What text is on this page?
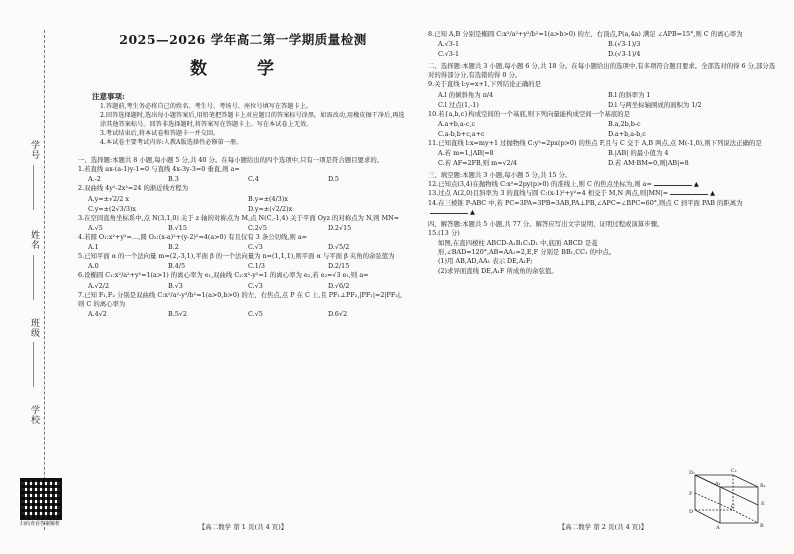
学号
姓名
班级
学校
扫码查看答案解析
2025—2026 学年高二第一学期质量检测
数 学
注意事项:
1.答题前,考生务必将自己的姓名、考生号、考场号、座位号填写在答题卡上。
2.回答选择题时,选出每小题答案后,用铅笔把答题卡上对应题目的答案标号涂黑。如需改动,用橡皮擦干净后,再选涂其他答案标号。回答非选择题时,将答案写在答题卡上。写在本试卷上无效。
3.考试结束后,将本试卷和答题卡一并交回。
4.本试卷主要考试内容:人教A版选择性必修第一册。
一、选择题:本题共 8 小题,每小题 5 分,共 40 分。在每小题给出的四个选项中,只有一项是符合题目要求的。
1.若直线 ax-(a-1)y-1=0 与直线 4x-3y-3=0 垂直,则 a=
A.-2	B.3	C.4	D.5
2.双曲线 4y²-2x²=24 的渐近线方程为
A.y=±√2/2 x	B.y=±(4/3)x
C.y=±(2√3/3)x	D.y=±(√2/2)x
3.在空间直角坐标系中,点 N(3,1,0) 关于 z 轴的对称点为 M,点 N(C,-1,4) 关于平面 Oyz 的对称点为 N,则 MN=
A.√5	B.√15	C.2√5	D.2√15
4.若圆 O₁:x²+y²=…,圆 O₂:(x-a)²+(y-2)²=4(a>0) 有且仅有 3 条公切线,则 a=
A.1	B.2	C.√3	D.√5/2
5.已知平面 α 的一个法向量 m=(2,-3,1),平面 β 的一个法向量为 n=(1,1,1),则平面 α 与平面 β 夹角的余弦值为
A.0	B.4/5	C.1/3	D.2/15
6.设椭圆 C₁:x²/a²+y²=1(a>1) 的离心率为 e₁,双曲线 C₂:x²-y²=1 的离心率为 e₂,若 e₂=√3 e₁,则 a=
A.√2/2	B.√3	C.√3	D.√6/2
7.已知 F₁,F₂ 分别是双曲线 C:x²/a²-y²/b²=1(a>0,b>0) 的左、右焦点,点 P 在 C 上,且 PF₁⊥PF₂,|PF₁|=2|PF₂|,则 C 的离心率为
A.4√2	B.5√2	C.√5	D.6√2
【高二数学 第 1 页(共 4 页)】
8.已知 A,B 分别是椭圆 C:x²/a²+y²/b²=1(a>b>0) 的左、右顶点,P(a,4a) 满足 ∠APB=15°,则 C 的离心率为
A.√3-1	B.(√3-1)/3
C.√3-1	D.(√3-1)/4
二、选择题:本题共 3 小题,每小题 6 分,共 18 分。在每小题给出的选项中,有多项符合题目要求。全部选对的得 6 分,部分选对的得部分分,有选错的得 0 分。
9.关于直线 l:y=x+1,下列结论正确的是
A.l 的倾斜角为 π/4	B.l 的斜率为 1
C.l 过点(1,-1)	D.l 与两坐标轴围成的面积为 1/2
10.若{a,b,c}构成空间的一个基底,则下列向量能构成空间一个基底的是
A.a+b,a-c,c	B.a,2b,b-c
C.a-b,b+c,a+c	D.a+b,a-b,c
11.已知直线 l:x=my+1 过抛物线 C:y²=2px(p>0) 的焦点 F,且与 C 交于 A,B 两点,点 M(-1,0),则下列说法正确的是
A.若 m=1,|AB|=8	B.|AB| 的最小值为 4
C.若 AF=2FB,则 m=√2/4	D.若 AM·BM=0,则|AB|=8
三、填空题:本题共 3 小题,每小题 5 分,共 15 分。
12.已知点(3,4)在抛物线 C:x²=2py(p>0) 的准线上,则 C 的焦点坐标为,则 a=	▲
13.过点 A(2,0)且斜率为 3 的直线与圆 C:(x-1)²+y²=4 相交于 M,N 两点,则|MN|=	▲
14.在三棱锥 P-ABC 中,若 PC=3PA=3PB=3AB,PA⊥PB,∠APC=∠BPC=60°,则点 C 到平面 PAB 的距离为▲
四、解答题:本题共 5 小题,共 77 分。解答应写出文字说明、证明过程或演算步骤。
15.(13 分)
如图,在直四棱柱 ABCD-A₁B₁C₁D₁ 中,底面 ABCD 是菱形,∠BAD=120°,AB=AA₁=2,E,F 分别是 BB₁,CC₁ 的中点。
(1)用 AB,AD,AA₁ 表示 DE,A₁F;
(2)求异面直线 DE,A₁F 所成角的余弦值。
D₁	C₁
A₁	B₁
E
F
D
C
A	B
【高二数学 第 2 页(共 4 页)】
